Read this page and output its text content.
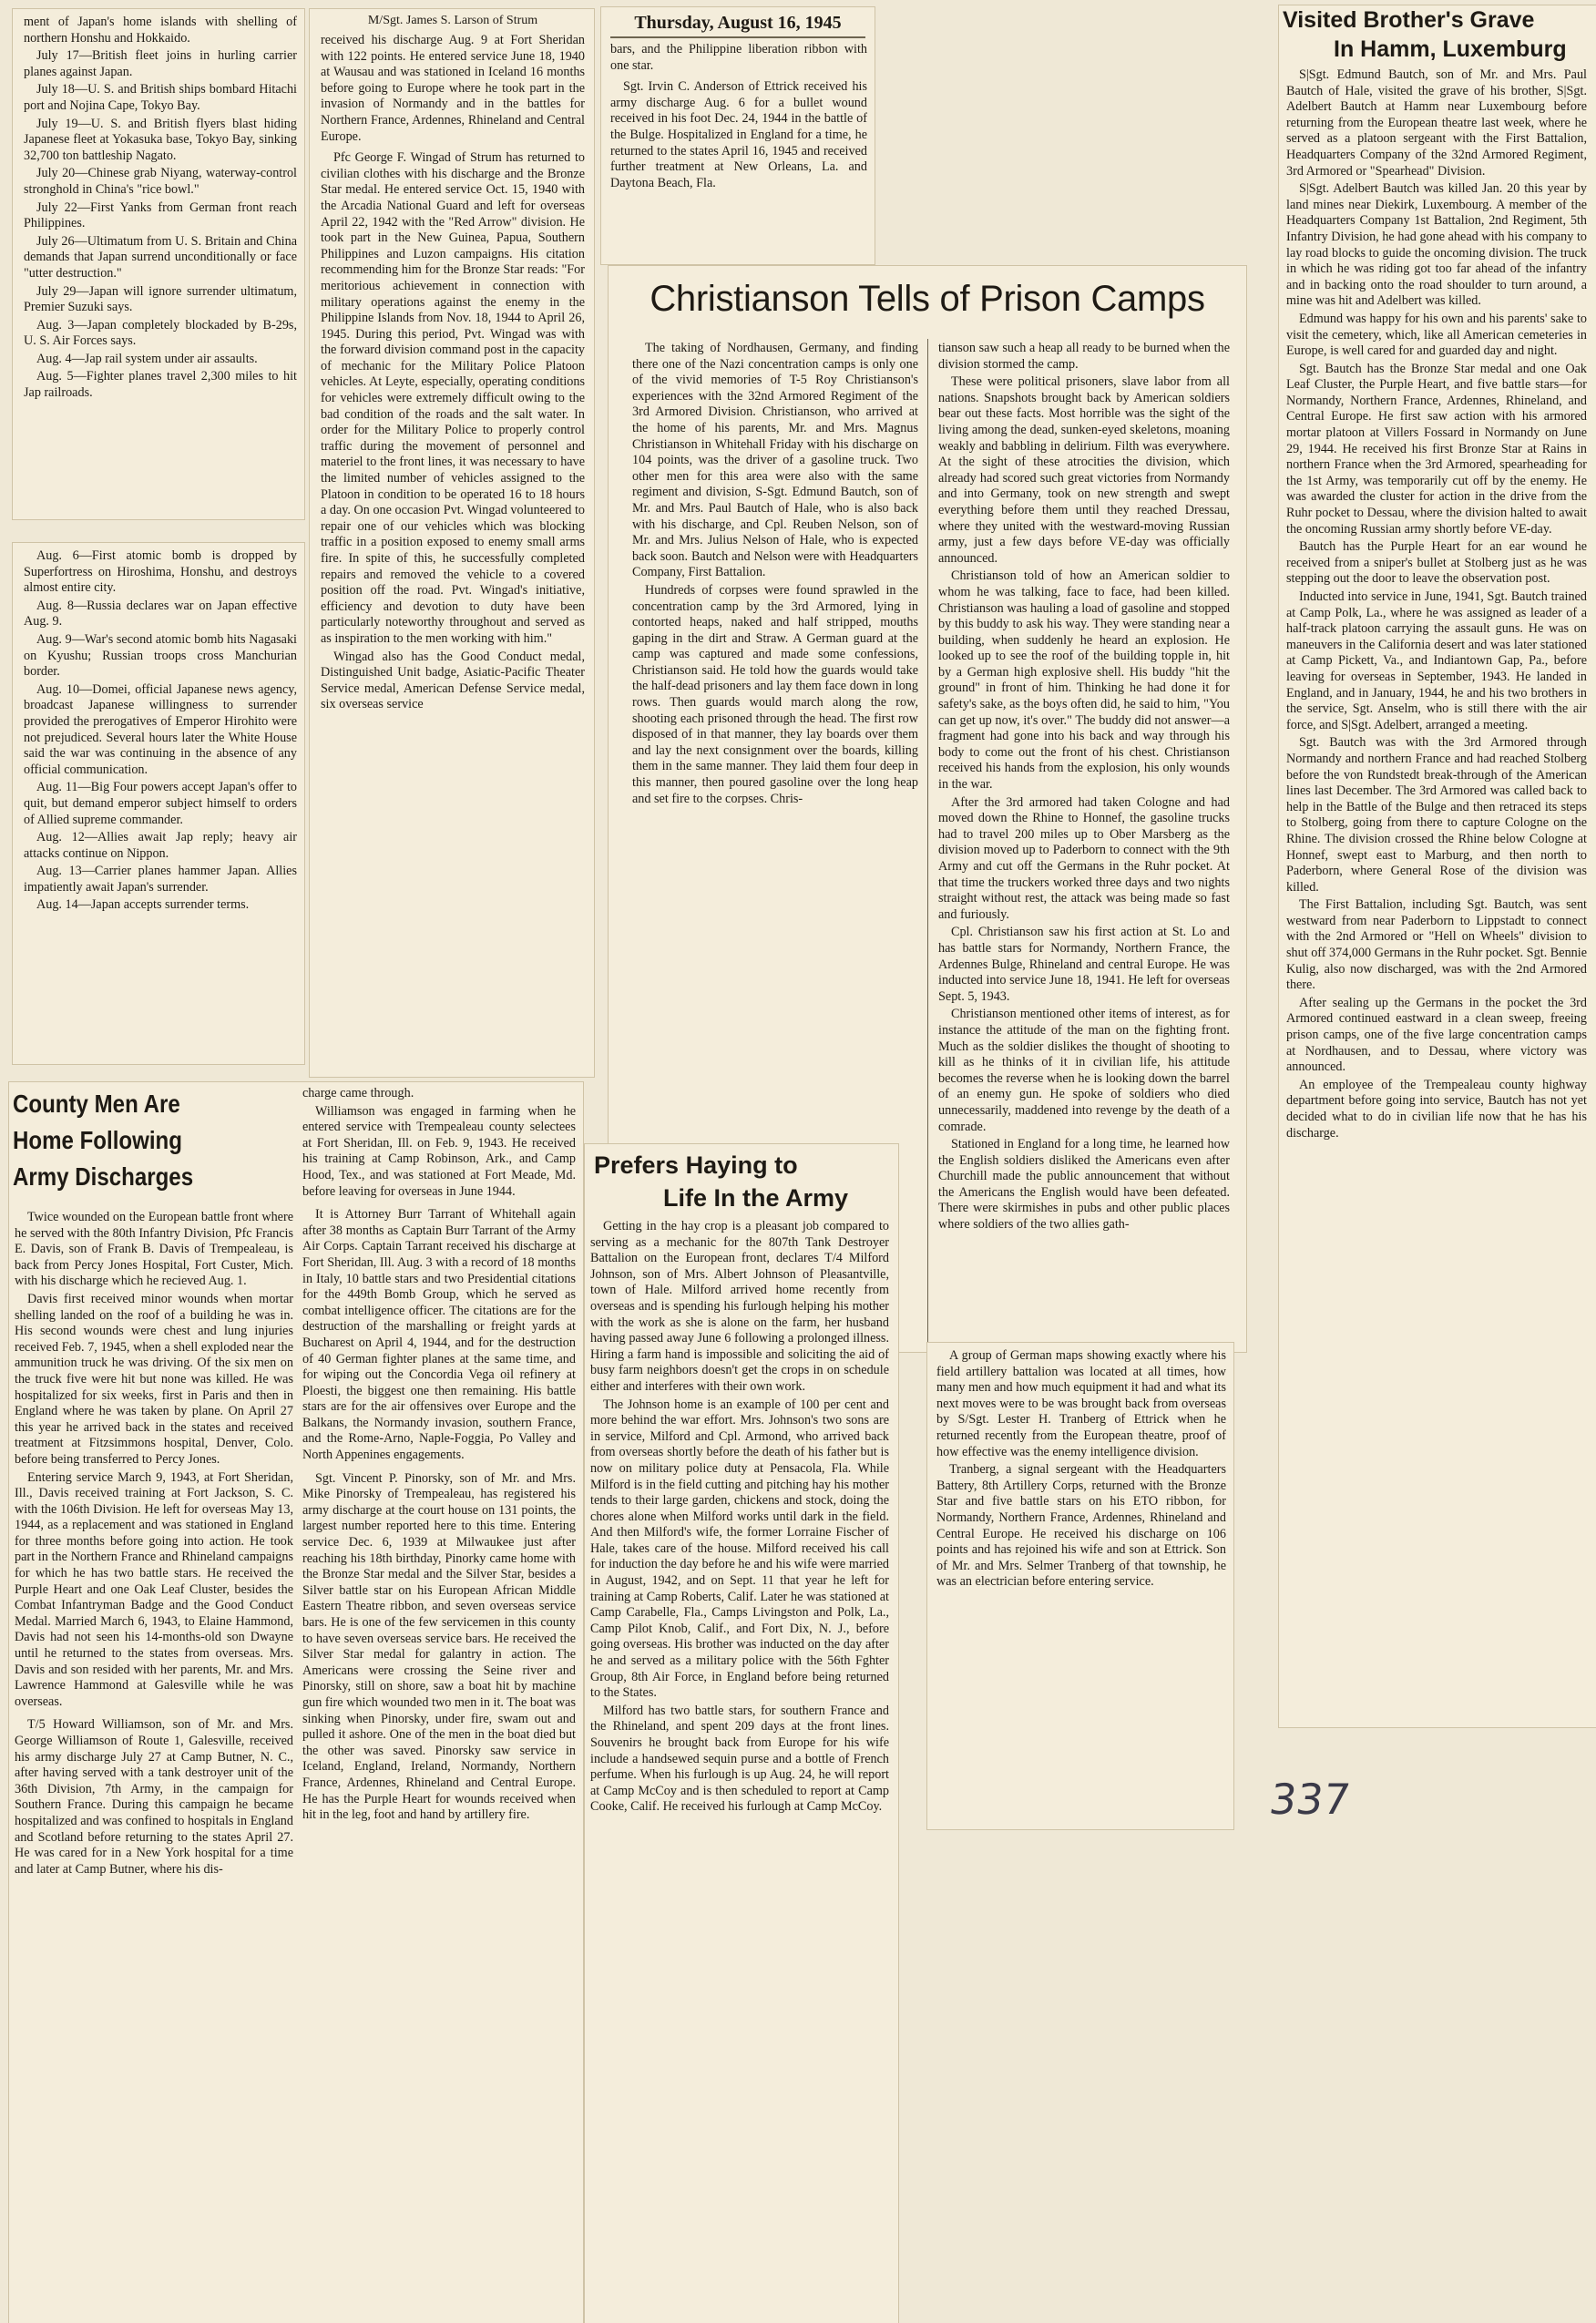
ment of Japan's home islands with shelling of northern Honshu and Hokkaido.

July 17—British fleet joins in hurling carrier planes against Japan.

July 18—U. S. and British ships bombard Hitachi port and Nojina Cape, Tokyo Bay.

July 19—U. S. and British flyers blast hiding Japanese fleet at Yokasuka base, Tokyo Bay, sinking 32,700 ton battleship Nagato.

July 20—Chinese grab Niyang, waterway-control stronghold in China's "rice bowl."

July 22—First Yanks from German front reach Philippines.

July 26—Ultimatum from U. S. Britain and China demands that Japan surrend unconditionally or face "utter destruction."

July 29—Japan will ignore surrender ultimatum, Premier Suzuki says.

Aug. 3—Japan completely blockaded by B-29s, U. S. Air Forces says.

Aug. 4—Jap rail system under air assaults.

Aug. 5—Fighter planes travel 2,300 miles to hit Jap railroads.

Aug. 6—First atomic bomb is dropped by Superfortress on Hiroshima, Honshu, and destroys almost entire city.

Aug. 8—Russia declares war on Japan effective Aug. 9.

Aug. 9—War's second atomic bomb hits Nagasaki on Kyushu; Russian troops cross Manchurian border.

Aug. 10—Domei, official Japanese news agency, broadcast Japanese willingness to surrender provided the prerogatives of Emperor Hirohito were not prejudiced. Several hours later the White House said the war was continuing in the absence of any official communication.

Aug. 11—Big Four powers accept Japan's offer to quit, but demand emperor subject himself to orders of Allied supreme commander.

Aug. 12—Allies await Jap reply; heavy air attacks continue on Nippon.

Aug. 13—Carrier planes hammer Japan. Allies impatiently await Japan's surrender.

Aug. 14—Japan accepts surrender terms.

M/Sgt. James S. Larson of Strum

received his discharge Aug. 9 at Fort Sheridan with 122 points. He entered service June 18, 1940 at Wausau and was stationed in Iceland 16 months before going to Europe where he took part in the invasion of Normandy and in the battles for Northern France, Ardennes, Rhineland and Central Europe.

Pfc George F. Wingad of Strum has returned to civilian clothes with his discharge and the Bronze Star medal. He entered service Oct. 15, 1940 with the Arcadia National Guard and left for overseas April 22, 1942 with the "Red Arrow" division. He took part in the New Guinea, Papua, Southern Philippines and Luzon campaigns. His citation recommending him for the Bronze Star reads: "For meritorious achievement in connection with military operations against the enemy in the Philippine Islands from Nov. 18, 1944 to April 26, 1945. During this period, Pvt. Wingad was with the forward division command post in the capacity of mechanic for the Military Police Platoon vehicles. At Leyte, especially, operating conditions for vehicles were extremely difficult owing to the bad condition of the roads and the salt water. In order for the Military Police to properly control traffic during the movement of personnel and materiel to the front lines, it was necessary to have the limited number of vehicles assigned to the Platoon in condition to be operated 16 to 18 hours a day. On one occasion Pvt. Wingad volunteered to repair one of our vehicles which was blocking traffic in a position exposed to enemy small arms fire. In spite of this, he successfully completed repairs and removed the vehicle to a covered position off the road. Pvt. Wingad's initiative, efficiency and devotion to duty have been particularly noteworthy throughout and served as as inspiration to the men working with him."

Wingad also has the Good Conduct medal, Distinguished Unit badge, Asiatic-Pacific Theater Service medal, American Defense Service medal, six overseas service

Thursday, August 16, 1945

bars, and the Philippine liberation ribbon with one star.

Sgt. Irvin C. Anderson of Ettrick received his army discharge Aug. 6 for a bullet wound received in his foot Dec. 24, 1944 in the battle of the Bulge. Hospitalized in England for a time, he returned to the states April 16, 1945 and received further treatment at New Orleans, La. and Daytona Beach, Fla.

Christianson Tells of Prison Camps

The taking of Nordhausen, Germany, and finding there one of the Nazi concentration camps is only one of the vivid memories of T-5 Roy Christianson's experiences with the 32nd Armored Regiment of the 3rd Armored Division. Christianson, who arrived at the home of his parents, Mr. and Mrs. Magnus Christianson in Whitehall Friday with his discharge on 104 points, was the driver of a gasoline truck. Two other men for this area were also with the same regiment and division, S-Sgt. Edmund Bautch, son of Mr. and Mrs. Paul Bautch of Hale, who is also back with his discharge, and Cpl. Reuben Nelson, son of Mr. and Mrs. Julius Nelson of Hale, who is expected back soon. Bautch and Nelson were with Headquarters Company, First Battalion.

Hundreds of corpses were found sprawled in the concentration camp by the 3rd Armored, lying in contorted heaps, naked and half stripped, mouths gaping in the dirt and Straw. A German guard at the camp was captured and made some confessions, Christianson said. He told how the guards would take the half-dead prisoners and lay them face down in long rows. Then guards would march along the row, shooting each prisoned through the head. The first row disposed of in that manner, they lay boards over them and lay the next consignment over the boards, killing them in the same manner. They laid them four deep in this manner, then poured gasoline over the long heap and set fire to the corpses. Chris-

tianson saw such a heap all ready to be burned when the division stormed the camp.

These were political prisoners, slave labor from all nations. Snapshots brought back by American soldiers bear out these facts. Most horrible was the sight of the living among the dead, sunken-eyed skeletons, moaning weakly and babbling in delirium. Filth was everywhere. At the sight of these atrocities the division, which already had scored such great victories from Normandy and into Germany, took on new strength and swept everything before them until they reached Dressau, where they united with the westward-moving Russian army, just a few days before VE-day was officially announced.

Christianson told of how an American soldier to whom he was talking, face to face, had been killed. Christianson was hauling a load of gasoline and stopped by this buddy to ask his way. They were standing near a building, when suddenly he heard an explosion. He looked up to see the roof of the building topple in, hit by a German high explosive shell. His buddy "hit the ground" in front of him. Thinking he had done it for safety's sake, as the boys often did, he said to him, "You can get up now, it's over." The buddy did not answer—a fragment had gone into his back and way through his body to come out the front of his chest. Christianson received his hands from the explosion, his only wounds in the war.

After the 3rd armored had taken Cologne and had moved down the Rhine to Honnef, the gasoline trucks had to travel 200 miles up to Ober Marsberg as the division moved up to Paderborn to connect with the 9th Army and cut off the Germans in the Ruhr pocket. At that time the truckers worked three days and two nights straight without rest, the attack was being made so fast and furiously.

Cpl. Christianson saw his first action at St. Lo and has battle stars for Normandy, Northern France, the Ardennes Bulge, Rhineland and central Europe. He was inducted into service June 18, 1941. He left for overseas Sept. 5, 1943.

Christianson mentioned other items of interest, as for instance the attitude of the man on the fighting front. Much as the soldier dislikes the thought of shooting to kill as he thinks of it in civilian life, his attitude becomes the reverse when he is looking down the barrel of an enemy gun. He spoke of soldiers who died unnecessarily, maddened into revenge by the death of a comrade.

Stationed in England for a long time, he learned how the English soldiers disliked the Americans even after Churchill made the public announcement that without the Americans the English would have been defeated. There were skirmishes in pubs and other public places where soldiers of the two allies gath-

County Men Are
Home Following
Army Discharges

Twice wounded on the European battle front where he served with the 80th Infantry Division, Pfc Francis E. Davis, son of Frank B. Davis of Trempealeau, is back from Percy Jones Hospital, Fort Custer, Mich. with his discharge which he recieved Aug. 1.

Davis first received minor wounds when mortar shelling landed on the roof of a building he was in. His second wounds were chest and lung injuries received Feb. 7, 1945, when a shell exploded near the ammunition truck he was driving. Of the six men on the truck five were hit but none was killed. He was hospitalized for six weeks, first in Paris and then in England where he was taken by plane. On April 27 this year he arrived back in the states and received treatment at Fitzsimmons hospital, Denver, Colo. before being transferred to Percy Jones.

Entering service March 9, 1943, at Fort Sheridan, Ill., Davis received training at Fort Jackson, S. C. with the 106th Division. He left for overseas May 13, 1944, as a replacement and was stationed in England for three months before going into action. He took part in the Northern France and Rhineland campaigns for which he has two battle stars. He received the Purple Heart and one Oak Leaf Cluster, besides the Combat Infantryman Badge and the Good Conduct Medal. Married March 6, 1943, to Elaine Hammond, Davis had not seen his 14-months-old son Dwayne until he returned to the states from overseas. Mrs. Davis and son resided with her parents, Mr. and Mrs. Lawrence Hammond at Galesville while he was overseas.

T/5 Howard Williamson, son of Mr. and Mrs. George Williamson of Route 1, Galesville, received his army discharge July 27 at Camp Butner, N. C., after having served with a tank destroyer unit of the 36th Division, 7th Army, in the campaign for Southern France. During this campaign he became hospitalized and was confined to hospitals in England and Scotland before returning to the states April 27. He was cared for in a New York hospital for a time and later at Camp Butner, where his dis-

charge came through.

Williamson was engaged in farming when he entered service with Trempealeau county selectees at Fort Sheridan, Ill. on Feb. 9, 1943. He received his training at Camp Robinson, Ark., and Camp Hood, Tex., and was stationed at Fort Meade, Md. before leaving for overseas in June 1944.

It is Attorney Burr Tarrant of Whitehall again after 38 months as Captain Burr Tarrant of the Army Air Corps. Captain Tarrant received his discharge at Fort Sheridan, Ill. Aug. 3 with a record of 18 months in Italy, 10 battle stars and two Presidential citations for the 449th Bomb Group, which he served as combat intelligence officer. The citations are for the destruction of the marshalling or freight yards at Bucharest on April 4, 1944, and for the destruction of 40 German fighter planes at the same time, and for wiping out the Concordia Vega oil refinery at Ploesti, the biggest one then remaining. His battle stars are for the air offensives over Europe and the Balkans, the Normandy invasion, southern France, and the Rome-Arno, Naple-Foggia, Po Valley and North Appenines engagements.

Sgt. Vincent P. Pinorsky, son of Mr. and Mrs. Mike Pinorsky of Trempealeau, has registered his army discharge at the court house on 131 points, the largest number reported here to this time. Entering service Dec. 6, 1939 at Milwaukee just after reaching his 18th birthday, Pinorky came home with the Bronze Star medal and the Silver Star, besides a Silver battle star on his European African Middle Eastern Theatre ribbon, and seven overseas service bars. He is one of the few servicemen in this county to have seven overseas service bars. He received the Silver Star medal for galantry in action. The Americans were crossing the Seine river and Pinorsky, still on shore, saw a boat hit by machine gun fire which wounded two men in it. The boat was sinking when Pinorsky, under fire, swam out and pulled it ashore. One of the men in the boat died but the other was saved. Pinorsky saw service in Iceland, England, Ireland, Normandy, Northern France, Ardennes, Rhineland and Central Europe. He has the Purple Heart for wounds received when hit in the leg, foot and hand by artillery fire.

Prefers Haying to
Life In the Army

Getting in the hay crop is a pleasant job compared to serving as a mechanic for the 807th Tank Destroyer Battalion on the European front, declares T/4 Milford Johnson, son of Mrs. Albert Johnson of Pleasantville, town of Hale. Milford arrived home recently from overseas and is spending his furlough helping his mother with the work as she is alone on the farm, her husband having passed away June 6 following a prolonged illness. Hiring a farm hand is impossible and soliciting the aid of busy farm neighbors doesn't get the crops in on schedule either and interferes with their own work.

The Johnson home is an example of 100 per cent and more behind the war effort. Mrs. Johnson's two sons are in service, Milford and Cpl. Armond, who arrived back from overseas shortly before the death of his father but is now on military police duty at Pensacola, Fla. While Milford is in the field cutting and pitching hay his mother tends to their large garden, chickens and stock, doing the chores alone when Milford works until dark in the field. And then Milford's wife, the former Lorraine Fischer of Hale, takes care of the house. Milford received his call for induction the day before he and his wife were married in August, 1942, and on Sept. 11 that year he left for training at Camp Roberts, Calif. Later he was stationed at Camp Carabelle, Fla., Camps Livingston and Polk, La., Camp Pilot Knob, Calif., and Fort Dix, N. J., before going overseas. His brother was inducted on the day after he and served as a military police with the 56th Fghter Group, 8th Air Force, in England before being returned to the States.

Milford has two battle stars, for southern France and the Rhineland, and spent 209 days at the front lines. Souvenirs he brought back from Europe for his wife include a handsewed sequin purse and a bottle of French perfume. When his furlough is up Aug. 24, he will report at Camp McCoy and is then scheduled to report at Camp Cooke, Calif. He received his furlough at Camp McCoy.

A group of German maps showing exactly where his field artillery battalion was located at all times, how many men and how much equipment it had and what its next moves were to be was brought back from overseas by S/Sgt. Lester H. Tranberg of Ettrick when he returned recently from the European theatre, proof of how effective was the enemy intelligence division.

Tranberg, a signal sergeant with the Headquarters Battery, 8th Artillery Corps, returned with the Bronze Star and five battle stars on his ETO ribbon, for Normandy, Northern France, Ardennes, Rhineland and Central Europe. He received his discharge on 106 points and has rejoined his wife and son at Ettrick. Son of Mr. and Mrs. Selmer Tranberg of that township, he was an electrician before entering service.

Visited Brother's Grave
In Hamm, Luxemburg

S|Sgt. Edmund Bautch, son of Mr. and Mrs. Paul Bautch of Hale, visited the grave of his brother, S|Sgt. Adelbert Bautch at Hamm near Luxembourg before returning from the European theatre last week, where he served as a platoon sergeant with the First Battalion, Headquarters Company of the 32nd Armored Regiment, 3rd Armored or "Spearhead" Division.

S|Sgt. Adelbert Bautch was killed Jan. 20 this year by land mines near Diekirk, Luxembourg. A member of the Headquarters Company 1st Battalion, 2nd Regiment, 5th Infantry Division, he had gone ahead with his company to lay road blocks to guide the oncoming division. The truck in which he was riding got too far ahead of the infantry and in backing onto the road shoulder to turn around, a mine was hit and Adelbert was killed.

Edmund was happy for his own and his parents' sake to visit the cemetery, which, like all American cemeteries in Europe, is well cared for and guarded day and night.

Sgt. Bautch has the Bronze Star medal and one Oak Leaf Cluster, the Purple Heart, and five battle stars—for Normandy, Northern France, Ardennes, Rhineland, and Central Europe. He first saw action with his armored mortar platoon at Villers Fossard in Normandy on June 29, 1944. He received his first Bronze Star at Rains in northern France when the 3rd Armored, spearheading for the 1st Army, was temporarily cut off by the enemy. He was awarded the cluster for action in the drive from the Ruhr pocket to Dessau, where the division halted to await the oncoming Russian army shortly before VE-day.

Bautch has the Purple Heart for an ear wound he received from a sniper's bullet at Stolberg just as he was stepping out the door to leave the observation post.

Inducted into service in June, 1941, Sgt. Bautch trained at Camp Polk, La., where he was assigned as leader of a half-track platoon carrying the assault guns. He was on maneuvers in the California desert and was later stationed at Camp Pickett, Va., and Indiantown Gap, Pa., before leaving for overseas in September, 1943. He landed in England, and in January, 1944, he and his two brothers in the service, Sgt. Anselm, who is still there with the air force, and S|Sgt. Adelbert, arranged a meeting.

Sgt. Bautch was with the 3rd Armored through Normandy and northern France and had reached Stolberg before the von Rundstedt break-through of the American lines last December. The 3rd Armored was called back to help in the Battle of the Bulge and then retraced its steps to Stolberg, going from there to capture Cologne on the Rhine. The division crossed the Rhine below Cologne at Honnef, swept east to Marburg, and then north to Paderborn, where General Rose of the division was killed.

The First Battalion, including Sgt. Bautch, was sent westward from near Paderborn to Lippstadt to connect with the 2nd Armored or "Hell on Wheels" division to shut off 374,000 Germans in the Ruhr pocket. Sgt. Bennie Kulig, also now discharged, was with the 2nd Armored there.

After sealing up the Germans in the pocket the 3rd Armored continued eastward in a clean sweep, freeing prison camps, one of the five large concentration camps at Nordhausen, and to Dessau, where victory was announced.

An employee of the Trempealeau county highway department before going into service, Bautch has not yet decided what to do in civilian life now that he has his discharge.

337
